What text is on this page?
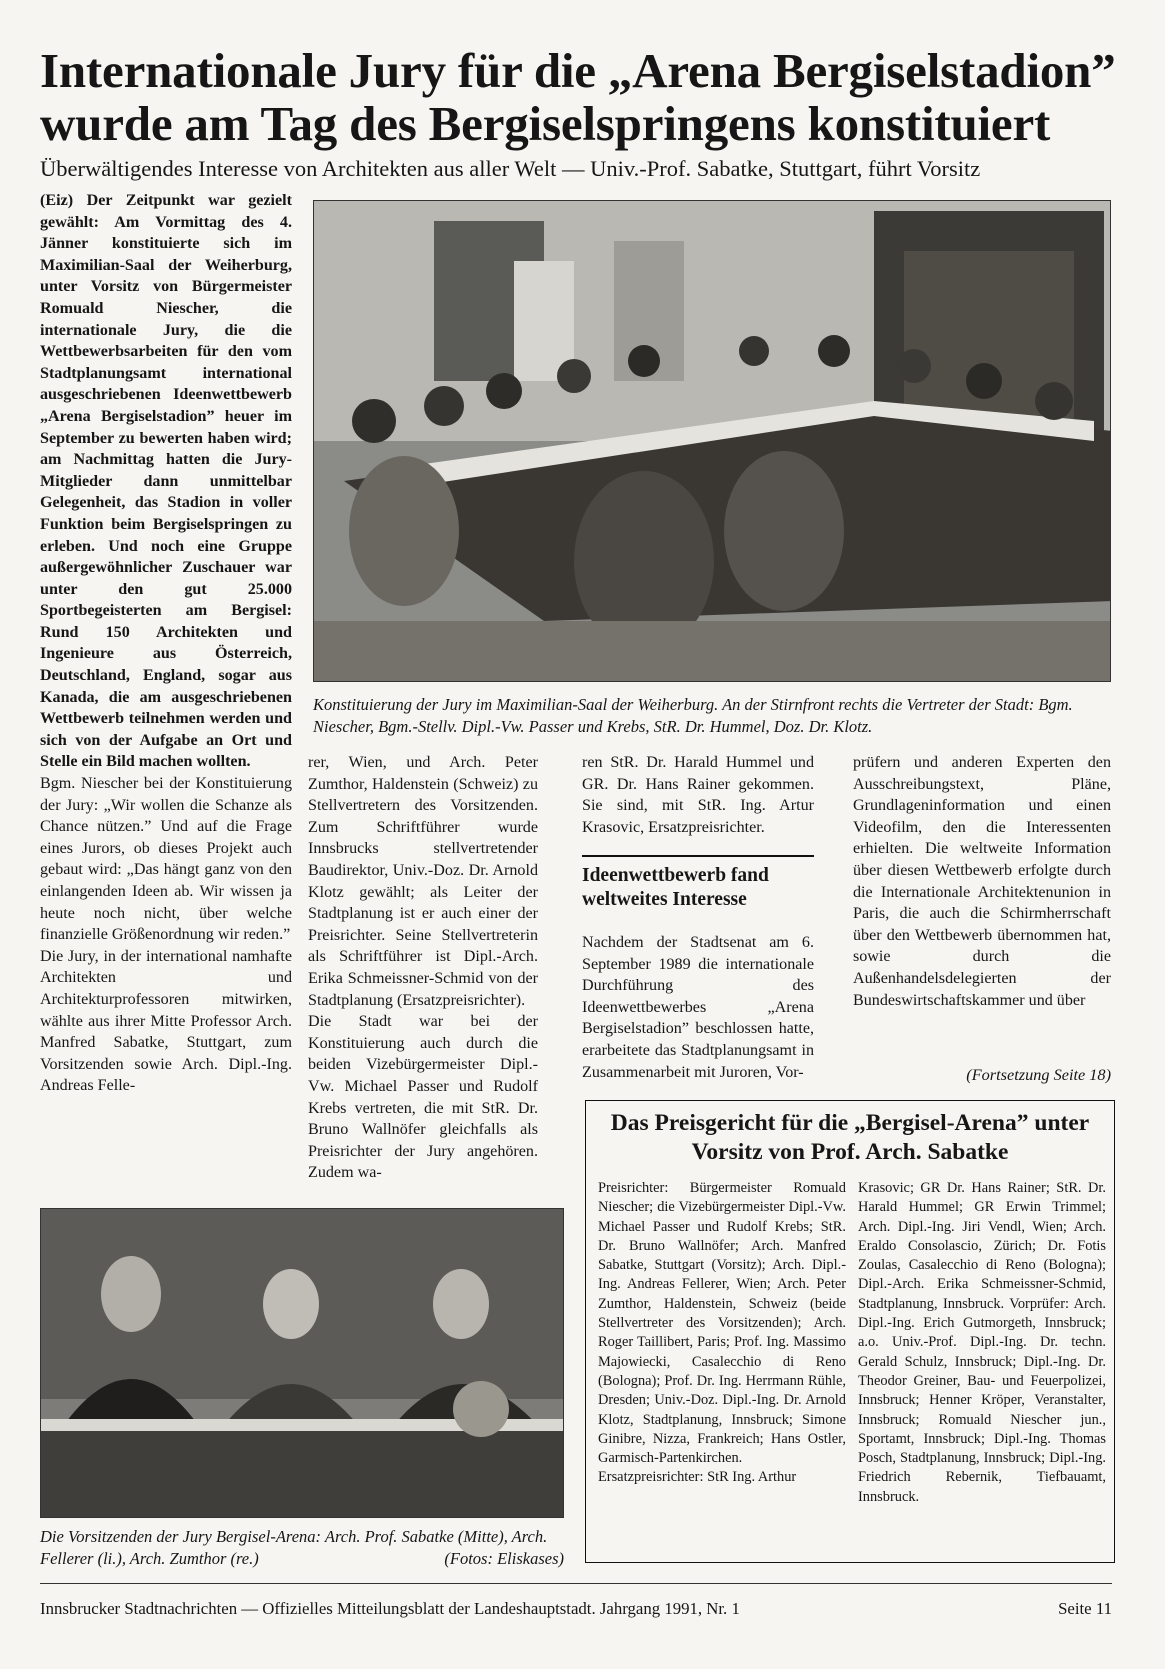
Internationale Jury für die „Arena Bergiselstadion” wurde am Tag des Bergiselspringens konstituiert
Überwältigendes Interesse von Architekten aus aller Welt — Univ.-Prof. Sabatke, Stuttgart, führt Vorsitz

(Eiz) Der Zeitpunkt war gezielt gewählt: Am Vormittag des 4. Jänner konstituierte sich im Maximilian-Saal der Weiherburg, unter Vorsitz von Bürgermeister Romuald Niescher, die internationale Jury, die die Wettbewerbsarbeiten für den vom Stadtplanungsamt international ausgeschriebenen Ideenwettbewerb „Arena Bergiselstadion” heuer im September zu bewerten haben wird; am Nachmittag hatten die Jury-Mitglieder dann unmittelbar Gelegenheit, das Stadion in voller Funktion beim Bergiselspringen zu erleben. Und noch eine Gruppe außergewöhnlicher Zuschauer war unter den gut 25.000 Sportbegeisterten am Bergisel: Rund 150 Architekten und Ingenieure aus Österreich, Deutschland, England, sogar aus Kanada, die am ausgeschriebenen Wettbewerb teilnehmen werden und sich von der Aufgabe an Ort und Stelle ein Bild machen wollten.

Bgm. Niescher bei der Konstituierung der Jury: „Wir wollen die Schanze als Chance nützen.” Und auf die Frage eines Jurors, ob dieses Projekt auch gebaut wird: „Das hängt ganz von den einlangenden Ideen ab. Wir wissen ja heute noch nicht, über welche finanzielle Größenordnung wir reden.”

Die Jury, in der international namhafte Architekten und Architekturprofessoren mitwirken, wählte aus ihrer Mitte Professor Arch. Manfred Sabatke, Stuttgart, zum Vorsitzenden sowie Arch. Dipl.-Ing. Andreas Felle-

Konstituierung der Jury im Maximilian-Saal der Weiherburg. An der Stirnfront rechts die Vertreter der Stadt: Bgm. Niescher, Bgm.-Stellv. Dipl.-Vw. Passer und Krebs, StR. Dr. Hummel, Doz. Dr. Klotz.

rer, Wien, und Arch. Peter Zumthor, Haldenstein (Schweiz) zu Stellvertretern des Vorsitzenden. Zum Schriftführer wurde Innsbrucks stellvertretender Baudirektor, Univ.-Doz. Dr. Arnold Klotz gewählt; als Leiter der Stadtplanung ist er auch einer der Preisrichter. Seine Stellvertreterin als Schriftführer ist Dipl.-Arch. Erika Schmeissner-Schmid von der Stadtplanung (Ersatzpreisrichter).

Die Stadt war bei der Konstituierung auch durch die beiden Vizebürgermeister Dipl.-Vw. Michael Passer und Rudolf Krebs vertreten, die mit StR. Dr. Bruno Wallnöfer gleichfalls als Preisrichter der Jury angehören. Zudem wa-

ren StR. Dr. Harald Hummel und GR. Dr. Hans Rainer gekommen. Sie sind, mit StR. Ing. Artur Krasovic, Ersatzpreisrichter.

Ideenwettbewerb fand weltweites Interesse

Nachdem der Stadtsenat am 6. September 1989 die internationale Durchführung des Ideenwettbewerbes „Arena Bergiselstadion” beschlossen hatte, erarbeitete das Stadtplanungsamt in Zusammenarbeit mit Juroren, Vor-

prüfern und anderen Experten den Ausschreibungstext, Pläne, Grundlageninformation und einen Videofilm, den die Interessenten erhielten. Die weltweite Information über diesen Wettbewerb erfolgte durch die Internationale Architektenunion in Paris, die auch die Schirmherrschaft über den Wettbewerb übernommen hat, sowie durch die Außenhandelsdelegierten der Bundeswirtschaftskammer und über

(Fortsetzung Seite 18)
Die Vorsitzenden der Jury Bergisel-Arena: Arch. Prof. Sabatke (Mitte), Arch. Fellerer (li.), Arch. Zumthor (re.)	(Fotos: Eliskases)
Das Preisgericht für die „Bergisel-Arena” unter Vorsitz von Prof. Arch. Sabatke
Preisrichter: Bürgermeister Romuald Niescher; die Vizebürgermeister Dipl.-Vw. Michael Passer und Rudolf Krebs; StR. Dr. Bruno Wallnöfer; Arch. Manfred Sabatke, Stuttgart (Vorsitz); Arch. Dipl.-Ing. Andreas Fellerer, Wien; Arch. Peter Zumthor, Haldenstein, Schweiz (beide Stellvertreter des Vorsitzenden); Arch. Roger Taillibert, Paris; Prof. Ing. Massimo Majowiecki, Casalecchio di Reno (Bologna); Prof. Dr. Ing. Herrmann Rühle, Dresden; Univ.-Doz. Dipl.-Ing. Dr. Arnold Klotz, Stadtplanung, Innsbruck; Simone Ginibre, Nizza, Frankreich; Hans Ostler, Garmisch-Partenkirchen. Ersatzpreisrichter: StR Ing. Arthur
Krasovic; GR Dr. Hans Rainer; StR. Dr. Harald Hummel; GR Erwin Trimmel; Arch. Dipl.-Ing. Jiri Vendl, Wien; Arch. Eraldo Consolascio, Zürich; Dr. Fotis Zoulas, Casalecchio di Reno (Bologna); Dipl.-Arch. Erika Schmeissner-Schmid, Stadtplanung, Innsbruck. Vorprüfer: Arch. Dipl.-Ing. Erich Gutmorgeth, Innsbruck; a.o. Univ.-Prof. Dipl.-Ing. Dr. techn. Gerald Schulz, Innsbruck; Dipl.-Ing. Dr. Theodor Greiner, Bau- und Feuerpolizei, Innsbruck; Henner Kröper, Veranstalter, Innsbruck; Romuald Niescher jun., Sportamt, Innsbruck; Dipl.-Ing. Thomas Posch, Stadtplanung, Innsbruck; Dipl.-Ing. Friedrich Rebernik, Tiefbauamt, Innsbruck.
Innsbrucker Stadtnachrichten — Offizielles Mitteilungsblatt der Landeshauptstadt. Jahrgang 1991, Nr. 1	Seite 11
